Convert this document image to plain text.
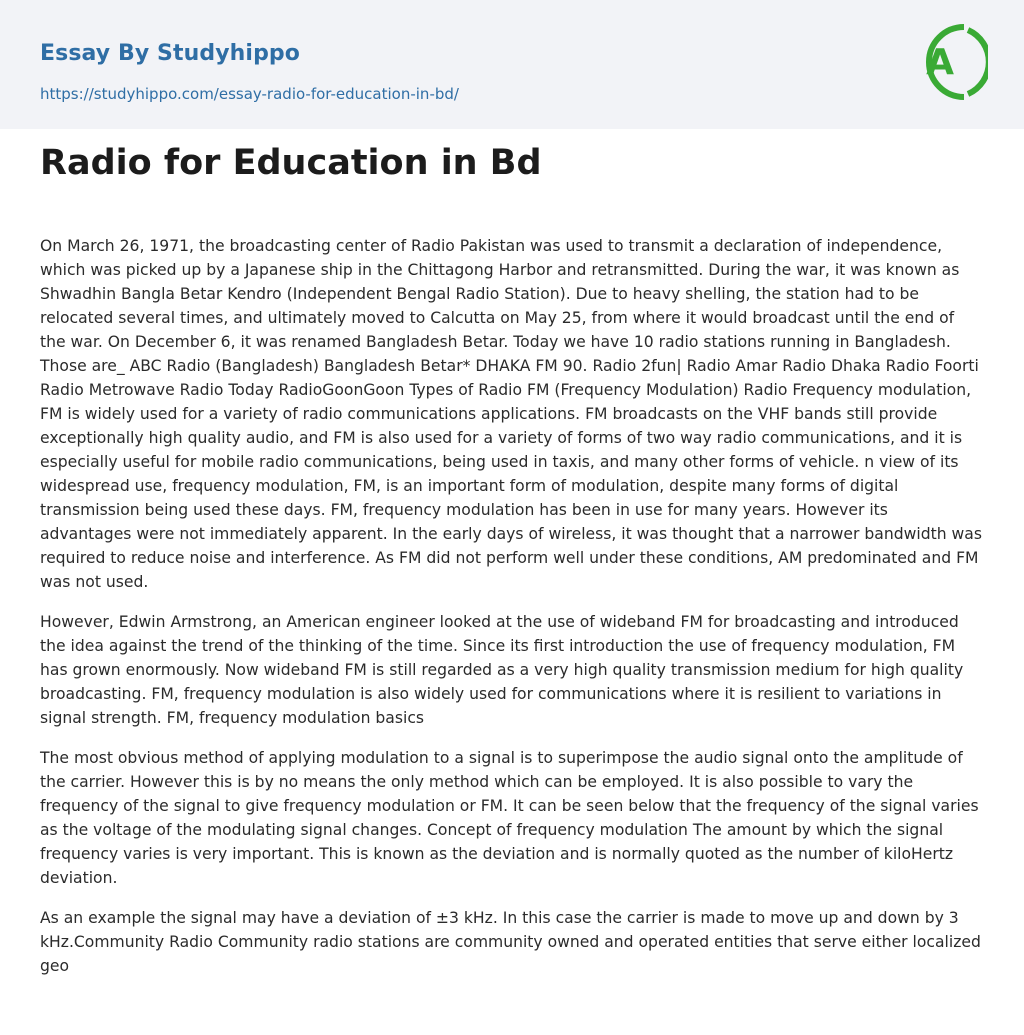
Essay By Studyhippo
https://studyhippo.com/essay-radio-for-education-in-bd/
A
Radio for Education in Bd

On March 26, 1971, the broadcasting center of Radio Pakistan was used to transmit a declaration of independence, which was picked up by a Japanese ship in the Chittagong Harbor and retransmitted. During the war, it was known as Shwadhin Bangla Betar Kendro (Independent Bengal Radio Station). Due to heavy shelling, the station had to be relocated several times, and ultimately moved to Calcutta on May 25, from where it would broadcast until the end of the war. On December 6, it was renamed Bangladesh Betar. Today we have 10 radio stations running in Bangladesh. Those are_ ABC Radio (Bangladesh) Bangladesh Betar* DHAKA FM 90. Radio 2fun| Radio Amar Radio Dhaka Radio Foorti Radio Metrowave Radio Today RadioGoonGoon Types of Radio FM (Frequency Modulation) Radio Frequency modulation, FM is widely used for a variety of radio communications applications. FM broadcasts on the VHF bands still provide exceptionally high quality audio, and FM is also used for a variety of forms of two way radio communications, and it is especially useful for mobile radio communications, being used in taxis, and many other forms of vehicle. n view of its widespread use, frequency modulation, FM, is an important form of modulation, despite many forms of digital transmission being used these days. FM, frequency modulation has been in use for many years. However its advantages were not immediately apparent. In the early days of wireless, it was thought that a narrower bandwidth was required to reduce noise and interference. As FM did not perform well under these conditions, AM predominated and FM was not used.

However, Edwin Armstrong, an American engineer looked at the use of wideband FM for broadcasting and introduced the idea against the trend of the thinking of the time. Since its first introduction the use of frequency modulation, FM has grown enormously. Now wideband FM is still regarded as a very high quality transmission medium for high quality broadcasting. FM, frequency modulation is also widely used for communications where it is resilient to variations in signal strength. FM, frequency modulation basics

The most obvious method of applying modulation to a signal is to superimpose the audio signal onto the amplitude of the carrier. However this is by no means the only method which can be employed. It is also possible to vary the frequency of the signal to give frequency modulation or FM. It can be seen below that the frequency of the signal varies as the voltage of the modulating signal changes. Concept of frequency modulation The amount by which the signal frequency varies is very important. This is known as the deviation and is normally quoted as the number of kiloHertz deviation.

As an example the signal may have a deviation of ±3 kHz. In this case the carrier is made to move up and down by 3 kHz.Community Radio Community radio stations are community owned and operated entities that serve either localized geo
